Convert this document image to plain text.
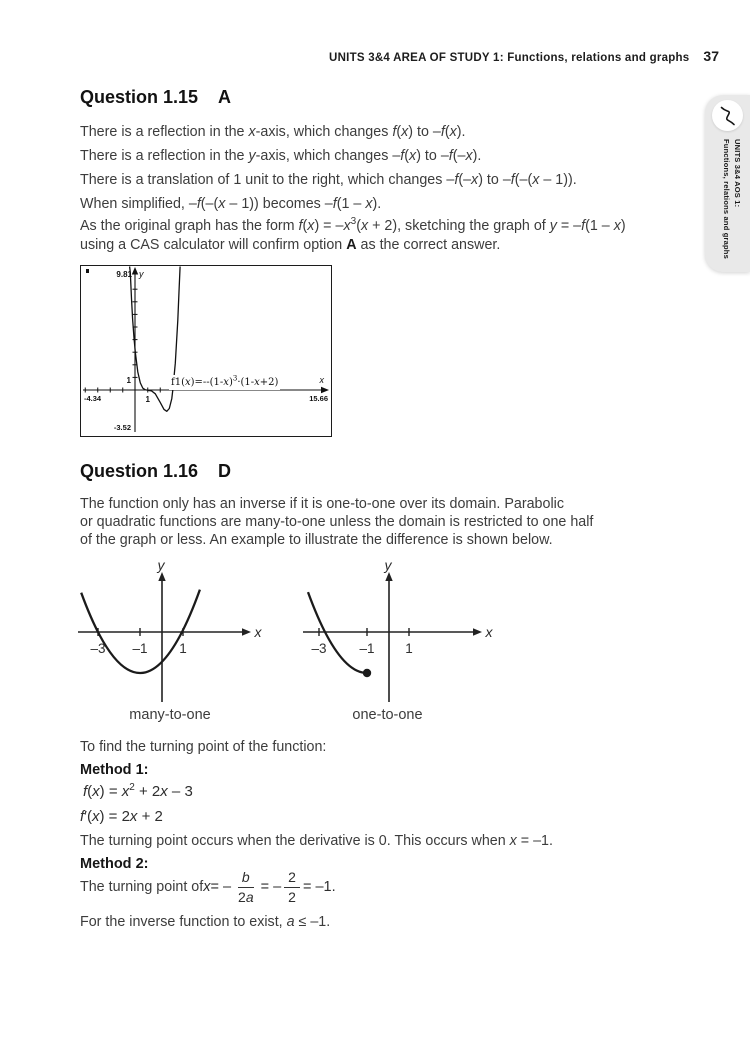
UNITS 3&4 AREA OF STUDY 1: Functions, relations and graphs 37
UNITS 3&4 AOS 1:
Functions, relations and graphs
Question 1.15 A

There is a reflection in the x-axis, which changes f(x) to –f(x).

There is a reflection in the y-axis, which changes –f(x) to –f(–x).

There is a translation of 1 unit to the right, which changes –f(–x) to –f(–(x – 1)).

When simplified, –f(–(x – 1)) becomes –f(1 – x).

As the original graph has the form $f(x) = -x^3(x + 2)$, sketching the graph of y = –f(1 – x)
using a CAS calculator will confirm option A as the correct answer.
9.81 y
1
-4.34	1	15.66
-3.52
x
$f1(x)=--(1-x)^3\cdot(1-x+2)$
Question 1.16 D
The function only has an inverse if it is one-to-one over its domain. Parabolic
or quadratic functions are many-to-one unless the domain is restricted to one half
of the graph or less. An example to illustrate the difference is shown below.
y
x
–3 –1 1
y
x
–3 –1 1
many-to-one	one-to-one
To find the turning point of the function:
Method 1:
$f(x) = x^2 + 2x - 3$
f′(x) = 2x + 2
The turning point occurs when the derivative is 0. This occurs when x = –1.
Method 2:
The turning point of x = – $\frac{b}{2a}$ = – $\frac{2}{2} = -1$.
For the inverse function to exist, a ≤ –1.
